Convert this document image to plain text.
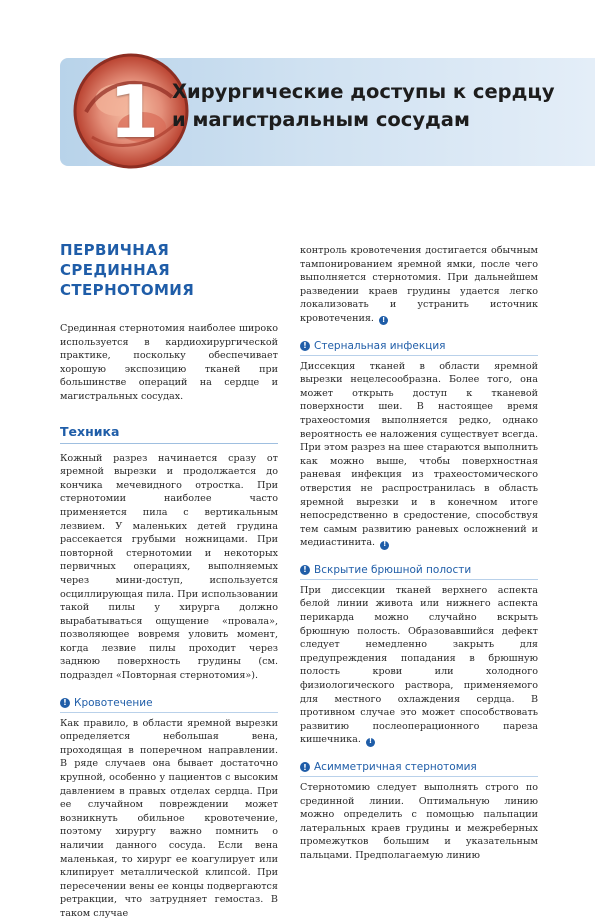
1 Хирургические доступы к сердцу
и магистральным сосудам
ПЕРВИЧНАЯ СРЕДИННАЯ
СТЕРНОТОМИЯ

Срединная стернотомия наиболее широко используется в кардиохирургической практике, поскольку обеспечивает хорошую экспозицию тканей при большинстве операций на сердце и магистральных сосудах.

Техника

Кожный разрез начинается сразу от яремной вырезки и продолжается до кончика мечевидного отростка. При стернотомии наиболее часто применяется пила с вертикальным лезвием. У маленьких детей грудина рассекается грубыми ножницами. При повторной стернотомии и некоторых первичных операциях, выполняемых через мини-доступ, используется осциллирующая пила. При использовании такой пилы у хирурга должно вырабатываться ощущение «провала», позволяющее вовремя уловить момент, когда лезвие пилы проходит через заднюю поверхность грудины (см. подраздел «Повторная стернотомия»).

! Кровотечение

Как правило, в области яремной вырезки определяется небольшая вена, проходящая в поперечном направлении. В ряде случаев она бывает достаточно крупной, особенно у пациентов с высоким давлением в правых отделах сердца. При ее случайном повреждении может возникнуть обильное кровотечение, поэтому хирургу важно помнить о наличии данного сосуда. Если вена маленькая, то хирург ее коагулирует или клипирует металлической клипсой. При пересечении вены ее концы подвергаются ретракции, что затрудняет гемостаз. В таком случае

контроль кровотечения достигается обычным тампонированием яремной ямки, после чего выполняется стернотомия. При дальнейшем разведении краев грудины удается легко локализовать и устранить источник кровотечения. !

! Стернальная инфекция

Диссекция тканей в области яремной вырезки нецелесообразна. Более того, она может открыть доступ к тканевой поверхности шеи. В настоящее время трахеостомия выполняется редко, однако вероятность ее наложения существует всегда. При этом разрез на шее стараются выполнить как можно выше, чтобы поверхностная раневая инфекция из трахеостомического отверстия не распространилась в область яремной вырезки и в конечном итоге непосредственно в средостение, способствуя тем самым развитию раневых осложнений и медиастинита. !

! Вскрытие брюшной полости

При диссекции тканей верхнего аспекта белой линии живота или нижнего аспекта перикарда можно случайно вскрыть брюшную полость. Образовавшийся дефект следует немедленно закрыть для предупреждения попадания в брюшную полость крови или холодного физиологического раствора, применяемого для местного охлаждения сердца. В противном случае это может способствовать развитию послеоперационного пареза кишечника. !

! Асимметричная стернотомия

Стернотомию следует выполнять строго по срединной линии. Оптимальную линию можно определить с помощью пальпации латеральных краев грудины и межреберных промежутков большим и указательным пальцами. Предполагаемую линию
